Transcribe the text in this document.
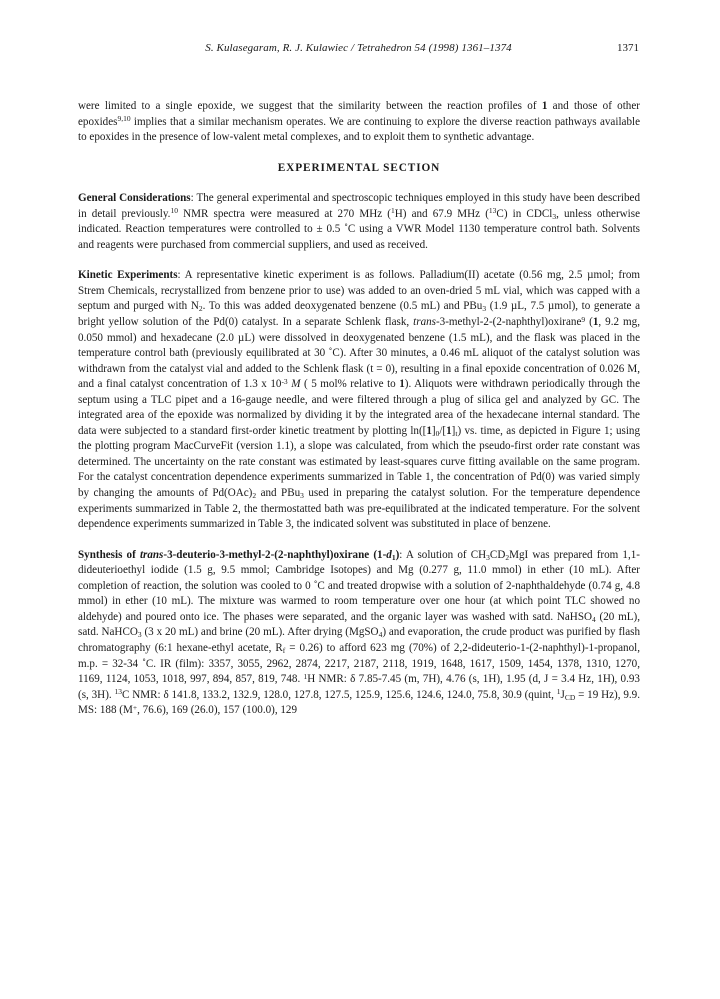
S. Kulasegaram, R. J. Kulawiec / Tetrahedron 54 (1998) 1361–1374	1371

were limited to a single epoxide, we suggest that the similarity between the reaction profiles of 1 and those of other epoxides$^{9,10}$ implies that a similar mechanism operates. We are continuing to explore the diverse reaction pathways available to epoxides in the presence of low-valent metal complexes, and to exploit them to synthetic advantage.

EXPERIMENTAL SECTION

General Considerations: The general experimental and spectroscopic techniques employed in this study have been described in detail previously.$^{10}$ NMR spectra were measured at 270 MHz ($^1$H) and 67.9 MHz ($^{13}$C) in CDCl$_3$, unless otherwise indicated. Reaction temperatures were controlled to ± 0.5 ˚C using a VWR Model 1130 temperature control bath. Solvents and reagents were purchased from commercial suppliers, and used as received.

Kinetic Experiments: A representative kinetic experiment is as follows. Palladium(II) acetate (0.56 mg, 2.5 µmol; from Strem Chemicals, recrystallized from benzene prior to use) was added to an oven-dried 5 mL vial, which was capped with a septum and purged with $N_2$. To this was added deoxygenated benzene (0.5 mL) and PBu$_3$ (1.9 µL, 7.5 µmol), to generate a bright yellow solution of the Pd(0) catalyst. In a separate Schlenk flask, trans-3-methyl-2-(2-naphthyl)oxirane$^9$ (1, 9.2 mg, 0.050 mmol) and hexadecane (2.0 µL) were dissolved in deoxygenated benzene (1.5 mL), and the flask was placed in the temperature control bath (previously equilibrated at 30 ˚C). After 30 minutes, a 0.46 mL aliquot of the catalyst solution was withdrawn from the catalyst vial and added to the Schlenk flask (t = 0), resulting in a final epoxide concentration of 0.026 M, and a final catalyst concentration of 1.3 x $10^{-3}$ M ( 5 mol% relative to 1). Aliquots were withdrawn periodically through the septum using a TLC pipet and a 16-gauge needle, and were filtered through a plug of silica gel and analyzed by GC. The integrated area of the epoxide was normalized by dividing it by the integrated area of the hexadecane internal standard. The data were subjected to a standard first-order kinetic treatment by plotting $\ln([1]_0/[1]_t)$ vs. time, as depicted in Figure 1; using the plotting program MacCurveFit (version 1.1), a slope was calculated, from which the pseudo-first order rate constant was determined. The uncertainty on the rate constant was estimated by least-squares curve fitting available on the same program. For the catalyst concentration dependence experiments summarized in Table 1, the concentration of Pd(0) was varied simply by changing the amounts of $Pd(OAc)_2$ and PBu$_3$ used in preparing the catalyst solution. For the temperature dependence experiments summarized in Table 2, the thermostatted bath was pre-equilibrated at the indicated temperature. For the solvent dependence experiments summarized in Table 3, the indicated solvent was substituted in place of benzene.

Synthesis of trans-3-deuterio-3-methyl-2-(2-naphthyl)oxirane $(1-d_1)$: A solution of $CH_3CD_2MgI$ was prepared from 1,1-dideuterioethyl iodide (1.5 g, 9.5 mmol; Cambridge Isotopes) and Mg (0.277 g, 11.0 mmol) in ether (10 mL). After completion of reaction, the solution was cooled to 0 ˚C and treated dropwise with a solution of 2-naphthaldehyde (0.74 g, 4.8 mmol) in ether (10 mL). The mixture was warmed to room temperature over one hour (at which point TLC showed no aldehyde) and poured onto ice. The phases were separated, and the organic layer was washed with satd. NaHSO$_4$ (20 mL), satd. NaHCO$_3$ (3 x 20 mL) and brine (20 mL). After drying (MgSO$_4$) and evaporation, the crude product was purified by flash chromatography (6:1 hexane-ethyl acetate, $R_f = 0.26$) to afford 623 mg (70%) of 2,2-dideuterio-1-(2-naphthyl)-1-propanol, m.p. = 32-34 ˚C. IR (film): 3357, 3055, 2962, 2874, 2217, 2187, 2118, 1919, 1648, 1617, 1509, 1454, 1378, 1310, 1270, 1169, 1124, 1053, 1018, 997, 894, 857, 819, 748. $^1$H NMR: δ 7.85-7.45 (m, 7H), 4.76 (s, 1H), 1.95 (d, J = 3.4 Hz, 1H), 0.93 (s, 3H). $^{13}$C NMR: δ 141.8, 133.2, 132.9, 128.0, 127.8, 127.5, 125.9, 125.6, 124.6, 124.0, 75.8, 30.9 (quint, $^1J_{CD} = 19$ Hz), 9.9. MS: 188 (M+, 76.6), 169 (26.0), 157 (100.0), 129
